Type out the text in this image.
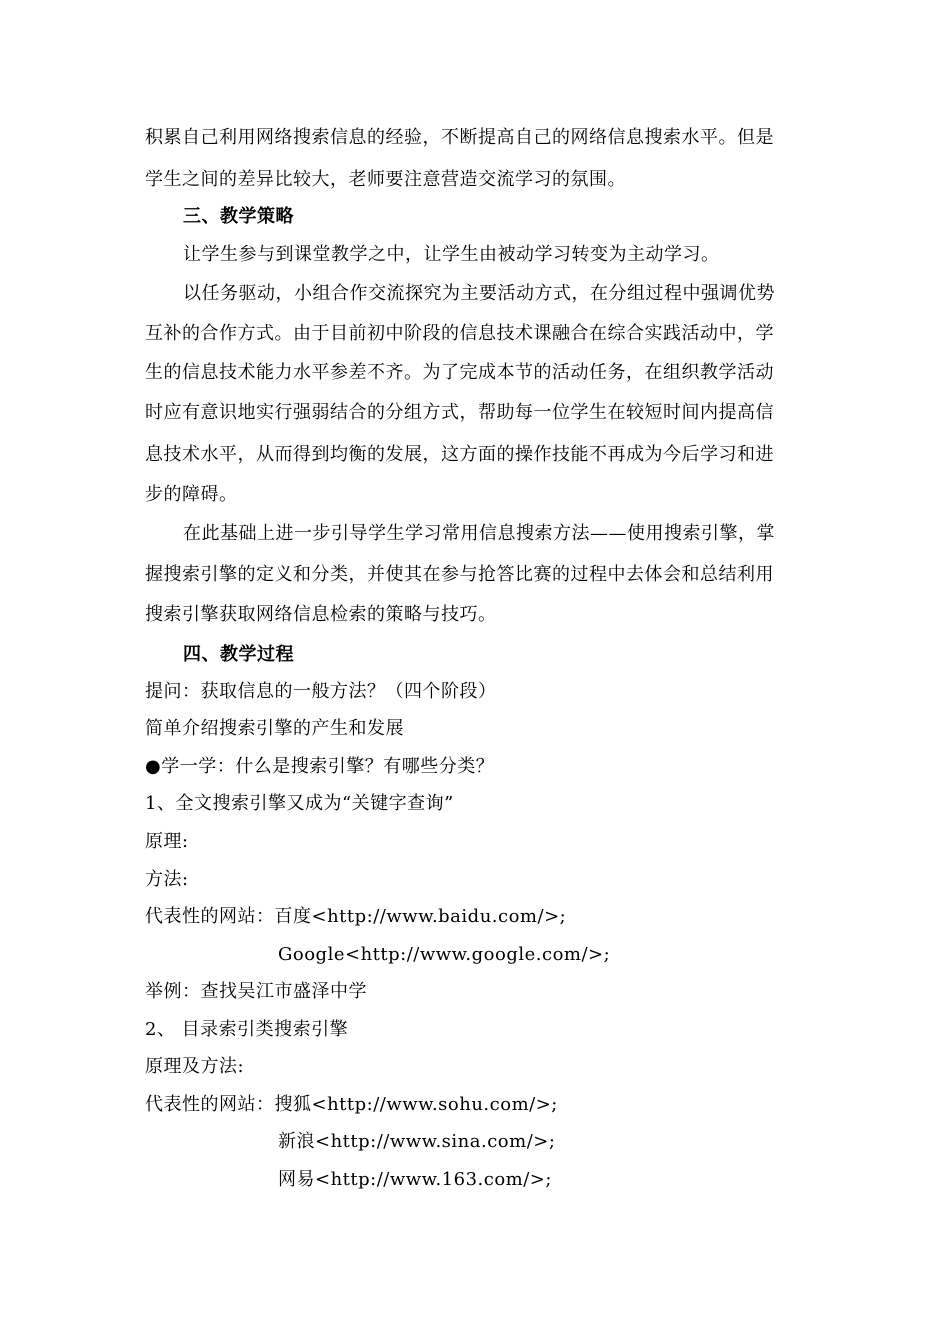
积累自己利用网络搜索信息的经验，不断提高自己的网络信息搜索水平。但是
学生之间的差异比较大，老师要注意营造交流学习的氛围。
三、教学策略
让学生参与到课堂教学之中，让学生由被动学习转变为主动学习。
以任务驱动，小组合作交流探究为主要活动方式，在分组过程中强调优势
互补的合作方式。由于目前初中阶段的信息技术课融合在综合实践活动中，学
生的信息技术能力水平参差不齐。为了完成本节的活动任务，在组织教学活动
时应有意识地实行强弱结合的分组方式，帮助每一位学生在较短时间内提高信
息技术水平，从而得到均衡的发展，这方面的操作技能不再成为今后学习和进
步的障碍。
在此基础上进一步引导学生学习常用信息搜索方法——使用搜索引擎，掌
握搜索引擎的定义和分类，并使其在参与抢答比赛的过程中去体会和总结利用
搜索引擎获取网络信息检索的策略与技巧。
四、教学过程
提问：获取信息的一般方法？（四个阶段）
简单介绍搜索引擎的产生和发展
●学一学：什么是搜索引擎？有哪些分类？
1、全文搜索引擎又成为“关键字查询”
原理:
方法:
代表性的网站：百度<http://www.baidu.com/>;
Google<http://www.google.com/>;
举例：查找吴江市盛泽中学
2、 目录索引类搜索引擎
原理及方法:
代表性的网站：搜狐<http://www.sohu.com/>;
新浪<http://www.sina.com/>;
网易<http://www.163.com/>;
